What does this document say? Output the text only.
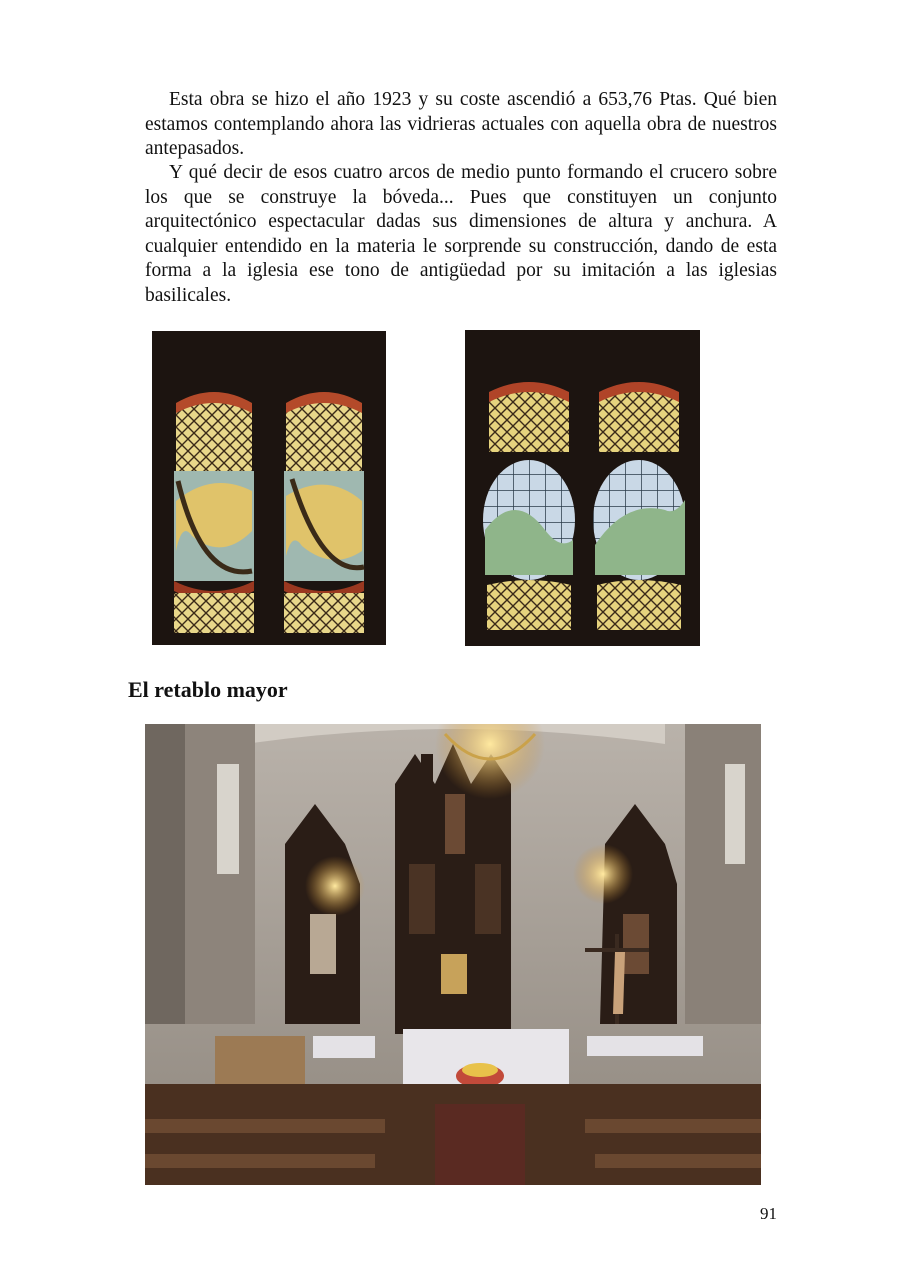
Esta obra se hizo el año 1923 y su coste ascendió a 653,76 Ptas. Qué bien estamos contemplando ahora las vidrieras actuales con aquella obra de nuestros antepasados.

Y qué decir de esos cuatro arcos de medio punto formando el crucero sobre los que se construye la bóveda... Pues que constituyen un conjunto arquitectónico espectacular dadas sus dimensiones de altura y anchura. A cualquier entendido en la materia le sorprende su construcción, dando de esta forma a la iglesia ese tono de antigüedad por su imitación a las iglesias basilicales.

El retablo mayor
91
